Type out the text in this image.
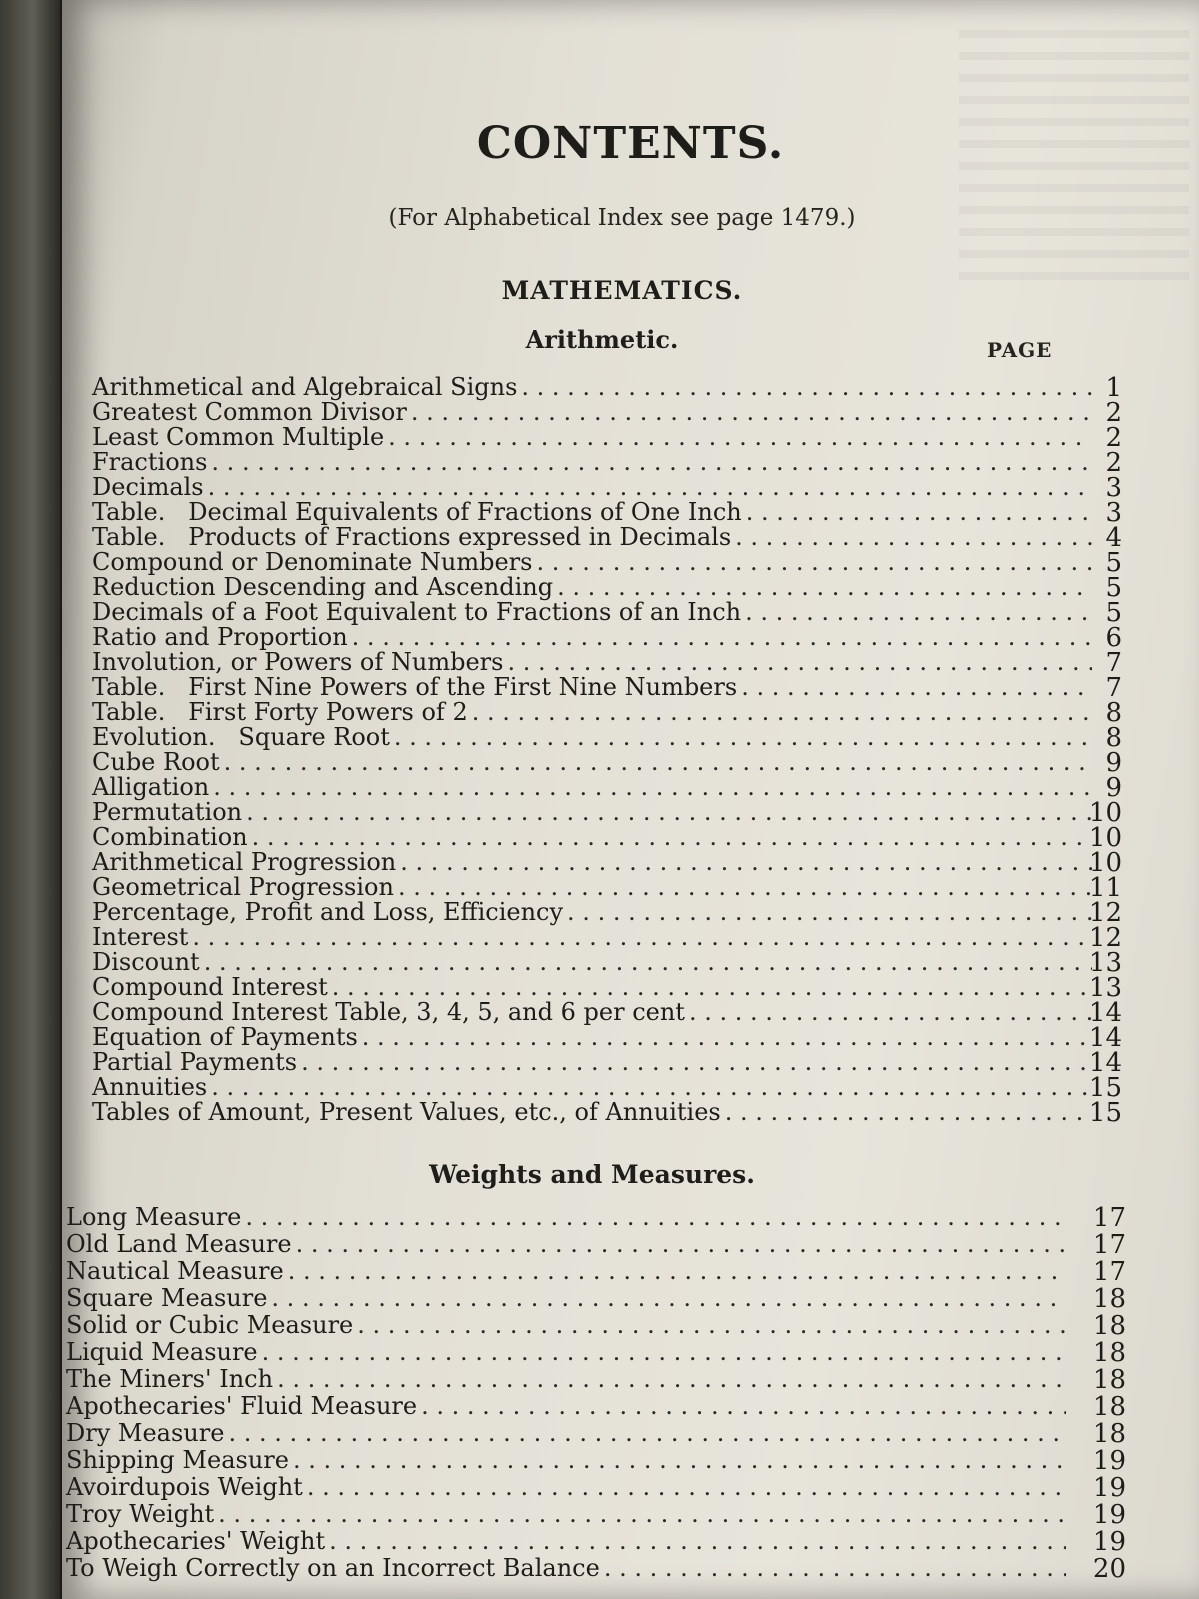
CONTENTS.
(For Alphabetical Index see page 1479.)
MATHEMATICS.
Arithmetic.	PAGE
Arithmetical and Algebraical Signs . . .	1
Greatest Common Divisor . . .	2
Least Common Multiple . . .	2
Fractions . . .	2
Decimals . . .	3
Table.   Decimal Equivalents of Fractions of One Inch . . .	3
Table.   Products of Fractions expressed in Decimals . . .	4
Compound or Denominate Numbers . . .	5
Reduction Descending and Ascending . . .	5
Decimals of a Foot Equivalent to Fractions of an Inch . . .	5
Ratio and Proportion . . .	6
Involution, or Powers of Numbers . . .	7
Table.   First Nine Powers of the First Nine Numbers . . .	7
Table.   First Forty Powers of 2 . . .	8
Evolution.   Square Root . . .	8
Cube Root . . .	9
Alligation . . .	9
Permutation . . .	10
Combination . . .	10
Arithmetical Progression . . .	10
Geometrical Progression . . .	11
Percentage, Profit and Loss, Efficiency . . .	12
Interest . . .	12
Discount . . .	13
Compound Interest . . .	13
Compound Interest Table, 3, 4, 5, and 6 per cent . . .	14
Equation of Payments . . .	14
Partial Payments . . .	14
Annuities . . .	15
Tables of Amount, Present Values, etc., of Annuities . . .	15
Weights and Measures.
Long Measure . . .	17
Old Land Measure . . .	17
Nautical Measure . . .	17
Square Measure . . .	18
Solid or Cubic Measure . . .	18
Liquid Measure . . .	18
The Miners' Inch . . .	18
Apothecaries' Fluid Measure . . .	18
Dry Measure . . .	18
Shipping Measure . . .	19
Avoirdupois Weight . . .	19
Troy Weight . . .	19
Apothecaries' Weight . . .	19
To Weigh Correctly on an Incorrect Balance . . .	20
